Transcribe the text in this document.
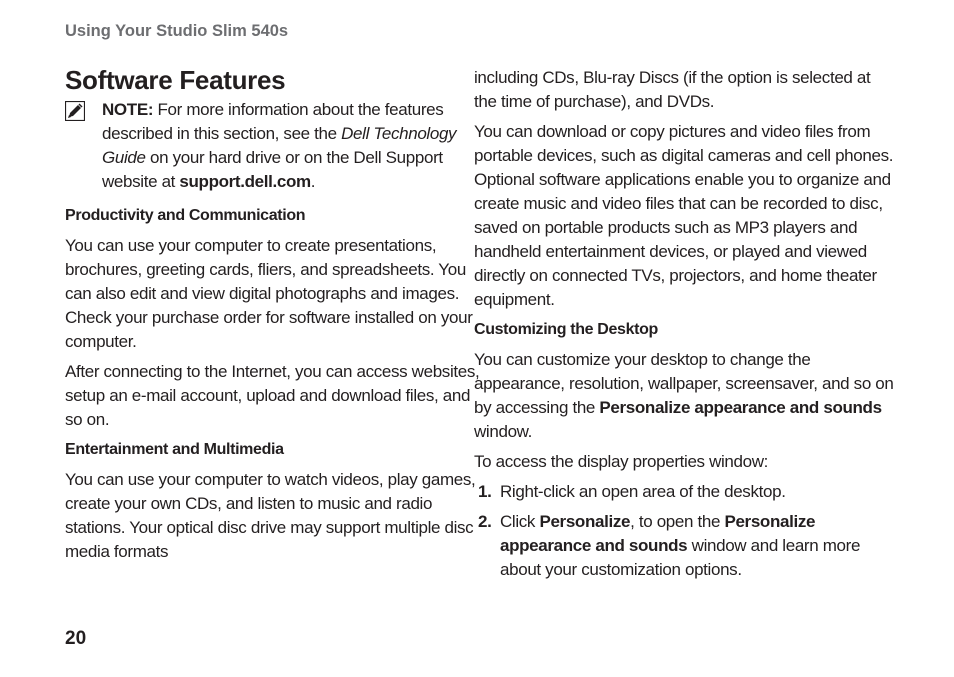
Using Your Studio Slim 540s
Software Features
NOTE: For more information about the features described in this section, see the Dell Technology Guide on your hard drive or on the Dell Support website at support.dell.com.
Productivity and Communication

You can use your computer to create presentations, brochures, greeting cards, fliers, and spreadsheets. You can also edit and view digital photographs and images. Check your purchase order for software installed on your computer.

After connecting to the Internet, you can access websites, setup an e-mail account, upload and download files, and so on.

Entertainment and Multimedia

You can use your computer to watch videos, play games, create your own CDs, and listen to music and radio stations. Your optical disc drive may support multiple disc media formats

including CDs, Blu-ray Discs (if the option is selected at the time of purchase), and DVDs.

You can download or copy pictures and video files from portable devices, such as digital cameras and cell phones. Optional software applications enable you to organize and create music and video files that can be recorded to disc, saved on portable products such as MP3 players and handheld entertainment devices, or played and viewed directly on connected TVs, projectors, and home theater equipment.

Customizing the Desktop

You can customize your desktop to change the appearance, resolution, wallpaper, screensaver, and so on by accessing the Personalize appearance and sounds window.

To access the display properties window:

1. Right-click an open area of the desktop.
2. Click Personalize, to open the Personalize appearance and sounds window and learn more about your customization options.
20
